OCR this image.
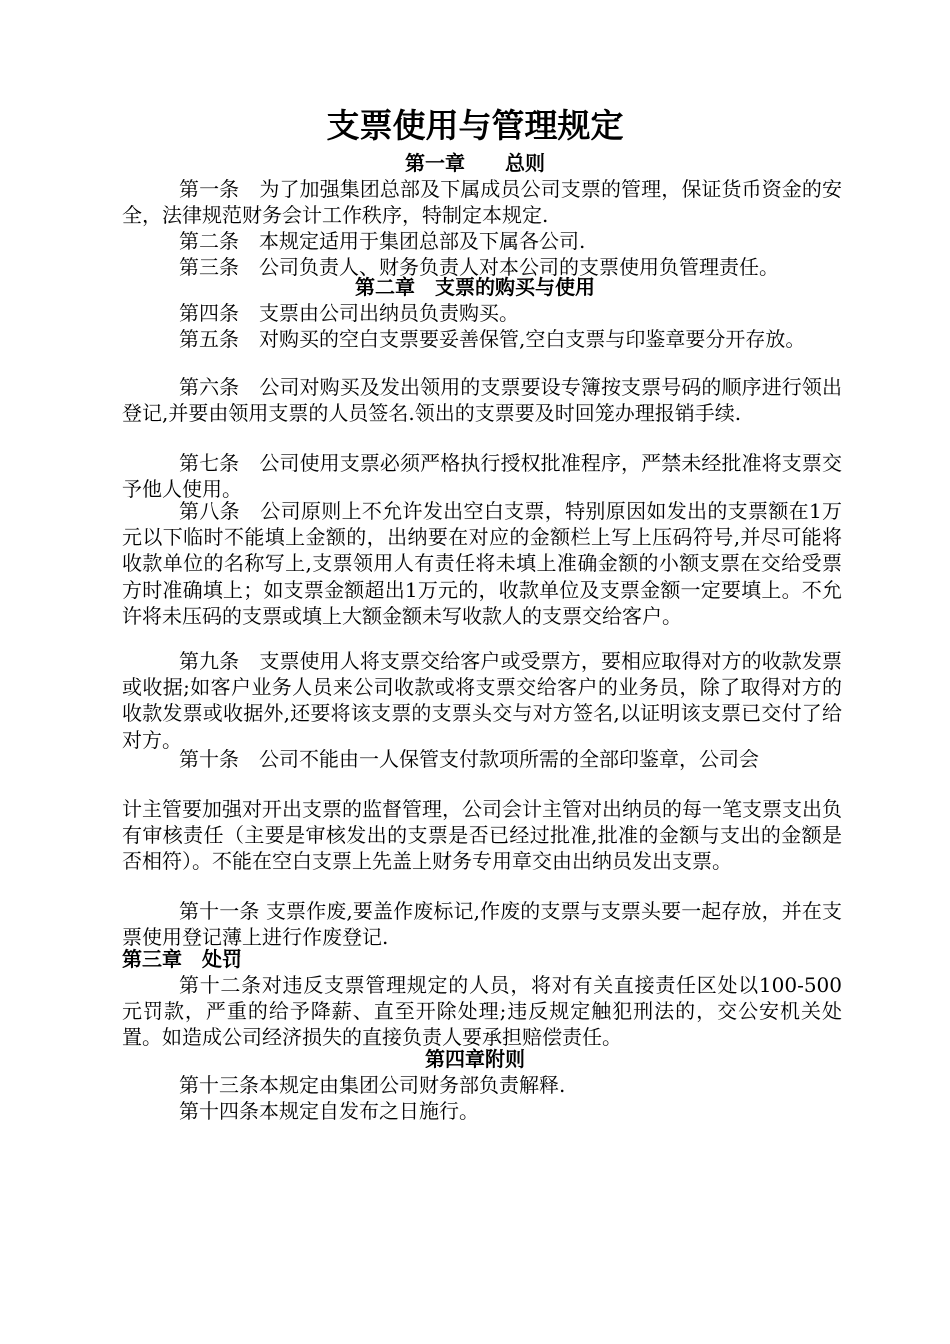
支票使用与管理规定
第一章　　总则

第一条　为了加强集团总部及下属成员公司支票的管理，保证货币资金的安全，法律规范财务会计工作秩序，特制定本规定.

第二条　本规定适用于集团总部及下属各公司.

第三条　公司负责人、财务负责人对本公司的支票使用负管理责任。

第二章　支票的购买与使用

第四条　支票由公司出纳员负责购买。

第五条　对购买的空白支票要妥善保管,空白支票与印鉴章要分开存放。

第六条　公司对购买及发出领用的支票要设专簿按支票号码的顺序进行领出登记,并要由领用支票的人员签名.领出的支票要及时回笼办理报销手续.

第七条　公司使用支票必须严格执行授权批准程序，严禁未经批准将支票交予他人使用。

第八条　公司原则上不允许发出空白支票，特别原因如发出的支票额在1万元以下临时不能填上金额的，出纳要在对应的金额栏上写上压码符号,并尽可能将收款单位的名称写上,支票领用人有责任将未填上准确金额的小额支票在交给受票方时准确填上；如支票金额超出1万元的，收款单位及支票金额一定要填上。不允许将未压码的支票或填上大额金额未写收款人的支票交给客户。

第九条　支票使用人将支票交给客户或受票方，要相应取得对方的收款发票或收据;如客户业务人员来公司收款或将支票交给客户的业务员，除了取得对方的收款发票或收据外,还要将该支票的支票头交与对方签名,以证明该支票已交付了给对方。

第十条　公司不能由一人保管支付款项所需的全部印鉴章，公司会

计主管要加强对开出支票的监督管理，公司会计主管对出纳员的每一笔支票支出负有审核责任（主要是审核发出的支票是否已经过批准,批准的金额与支出的金额是否相符）。不能在空白支票上先盖上财务专用章交由出纳员发出支票。

第十一条 支票作废,要盖作废标记,作废的支票与支票头要一起存放，并在支票使用登记薄上进行作废登记.

第三章　处罚

第十二条对违反支票管理规定的人员，将对有关直接责任区处以100-500元罚款，严重的给予降薪、直至开除处理;违反规定触犯刑法的，交公安机关处置。如造成公司经济损失的直接负责人要承担赔偿责任。

第四章附则

第十三条本规定由集团公司财务部负责解释.

第十四条本规定自发布之日施行。
